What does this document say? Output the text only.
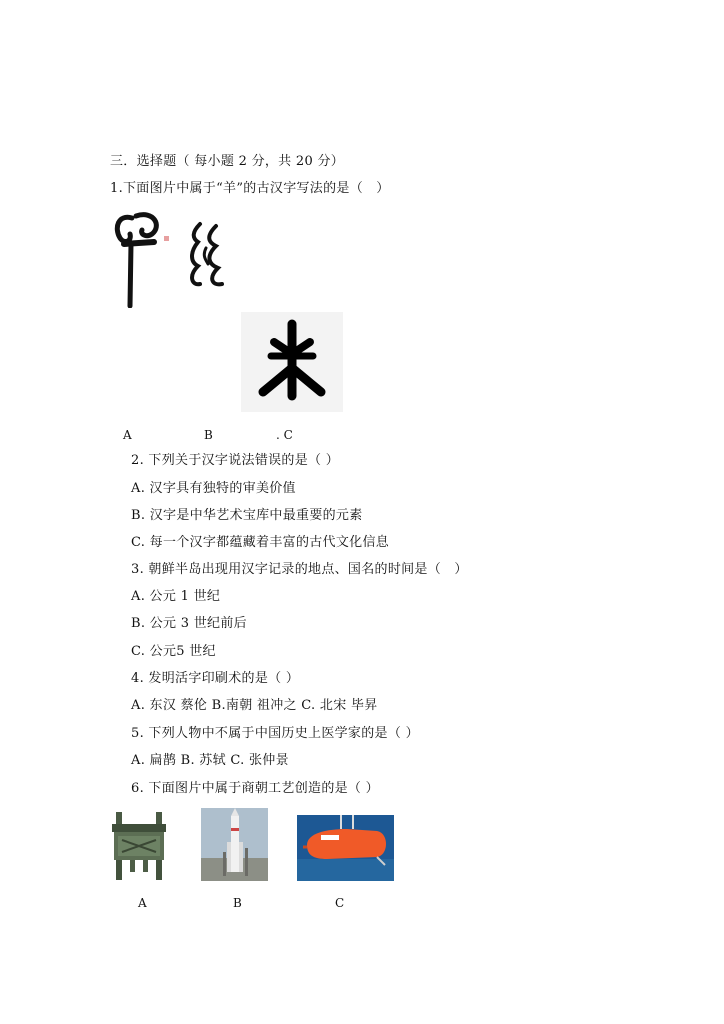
三．选择题（ 每小题 2 分，共 20 分）
1.下面图片中属于“羊”的古汉字写法的是（　）
A	B	. C
2. 下列关于汉字说法错误的是（ ）
A. 汉字具有独特的审美价值
B. 汉字是中华艺术宝库中最重要的元素
C. 每一个汉字都蕴藏着丰富的古代文化信息
3. 朝鲜半岛出现用汉字记录的地点、国名的时间是（　）
A. 公元 1 世纪
B. 公元 3 世纪前后
C. 公元5 世纪
4. 发明活字印刷术的是（ ）
A. 东汉 蔡伦 B.南朝 祖冲之 C. 北宋 毕昇
5. 下列人物中不属于中国历史上医学家的是（ ）
A. 扁鹊 B. 苏轼 C. 张仲景
6. 下面图片中属于商朝工艺创造的是（ ）
A	B	C
